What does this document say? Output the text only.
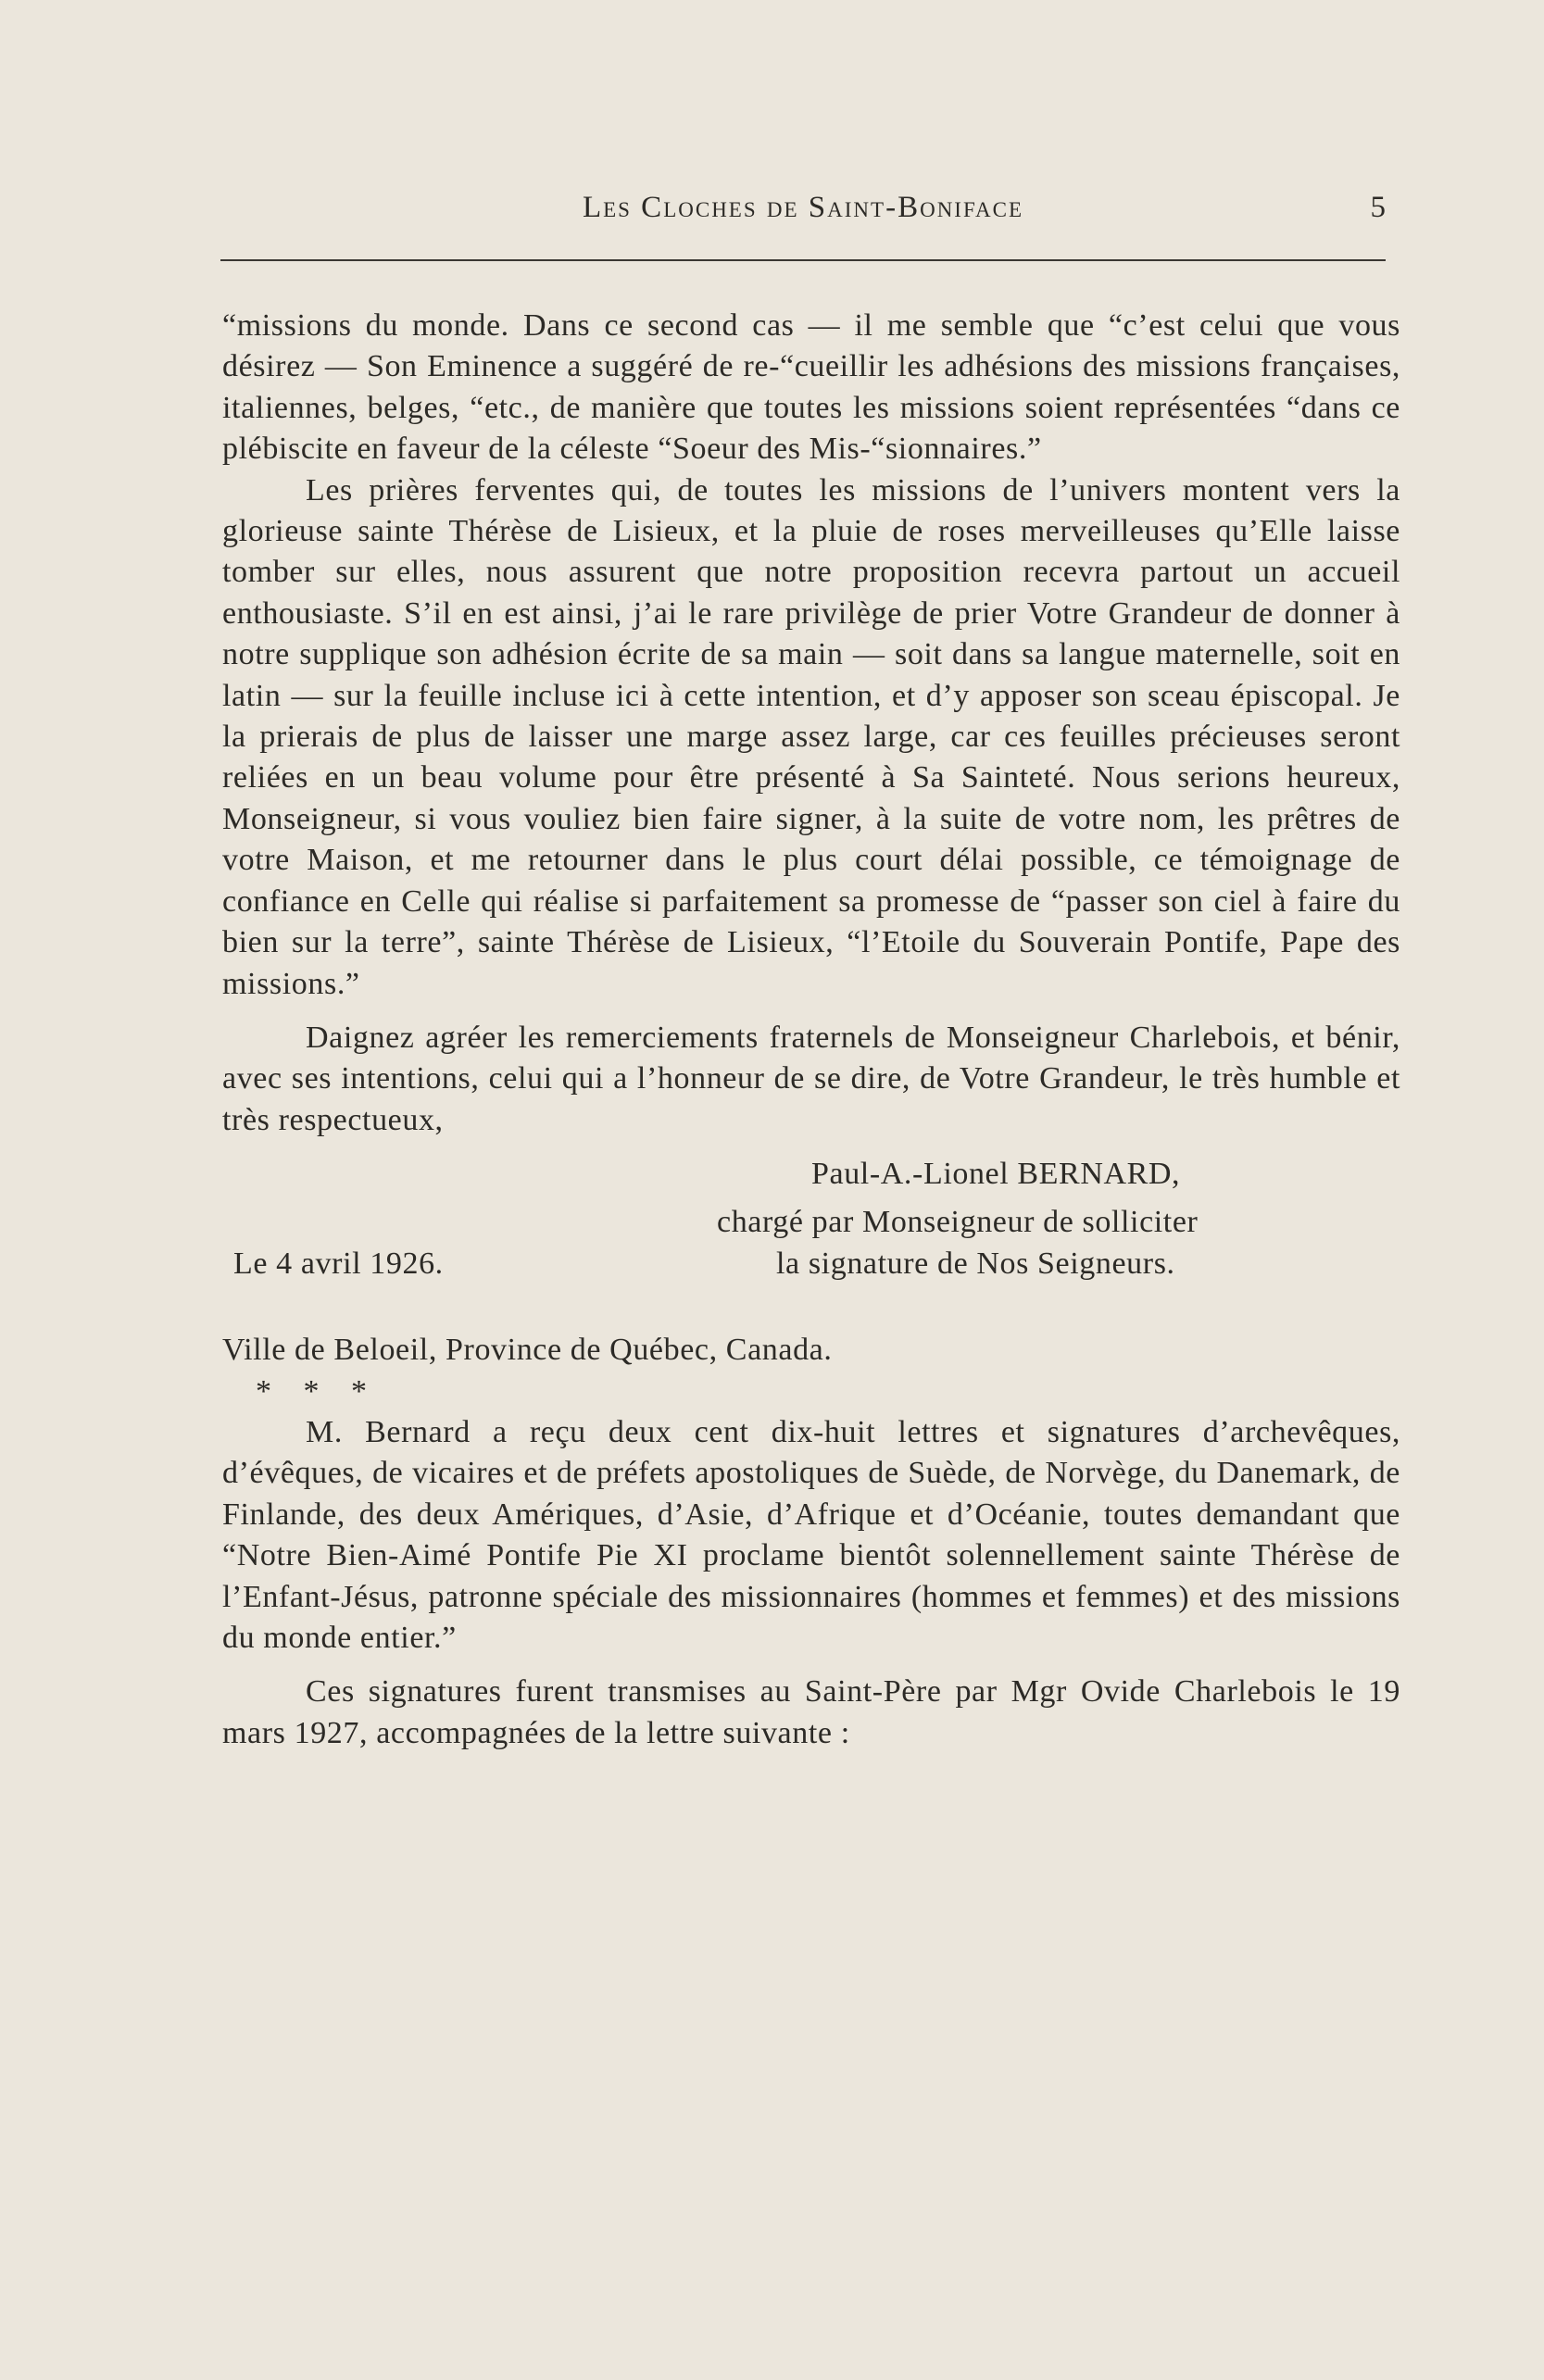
Les Cloches de Saint-Boniface	5

“missions du monde. Dans ce second cas — il me semble que “c’est celui que vous désirez — Son Eminence a suggéré de re-“cueillir les adhésions des missions françaises, italiennes, belges, “etc., de manière que toutes les missions soient représentées “dans ce plébiscite en faveur de la céleste “Soeur des Mis-“sionnaires.”

Les prières ferventes qui, de toutes les missions de l’univers montent vers la glorieuse sainte Thérèse de Lisieux, et la pluie de roses merveilleuses qu’Elle laisse tomber sur elles, nous assurent que notre proposition recevra partout un accueil enthousiaste. S’il en est ainsi, j’ai le rare privilège de prier Votre Grandeur de donner à notre supplique son adhésion écrite de sa main — soit dans sa langue maternelle, soit en latin — sur la feuille incluse ici à cette intention, et d’y apposer son sceau épiscopal. Je la prierais de plus de laisser une marge assez large, car ces feuilles précieuses seront reliées en un beau volume pour être présenté à Sa Sainteté. Nous serions heureux, Monseigneur, si vous vouliez bien faire signer, à la suite de votre nom, les prêtres de votre Maison, et me retourner dans le plus court délai possible, ce témoignage de confiance en Celle qui réalise si parfaitement sa promesse de “passer son ciel à faire du bien sur la terre”, sainte Thérèse de Lisieux, “l’Etoile du Souverain Pontife, Pape des missions.”

Daignez agréer les remerciements fraternels de Monseigneur Charlebois, et bénir, avec ses intentions, celui qui a l’honneur de se dire, de Votre Grandeur, le très humble et très respectueux,

Paul-A.-Lionel BERNARD,
chargé par Monseigneur de solliciter
Le 4 avril 1926.	la signature de Nos Seigneurs.

Ville de Beloeil, Province de Québec, Canada.

* * *

M. Bernard a reçu deux cent dix-huit lettres et signatures d’archevêques, d’évêques, de vicaires et de préfets apostoliques de Suède, de Norvège, du Danemark, de Finlande, des deux Amériques, d’Asie, d’Afrique et d’Océanie, toutes demandant que “Notre Bien-Aimé Pontife Pie XI proclame bientôt solennellement sainte Thérèse de l’Enfant-Jésus, patronne spéciale des missionnaires (hommes et femmes) et des missions du monde entier.”

Ces signatures furent transmises au Saint-Père par Mgr Ovide Charlebois le 19 mars 1927, accompagnées de la lettre suivante :
